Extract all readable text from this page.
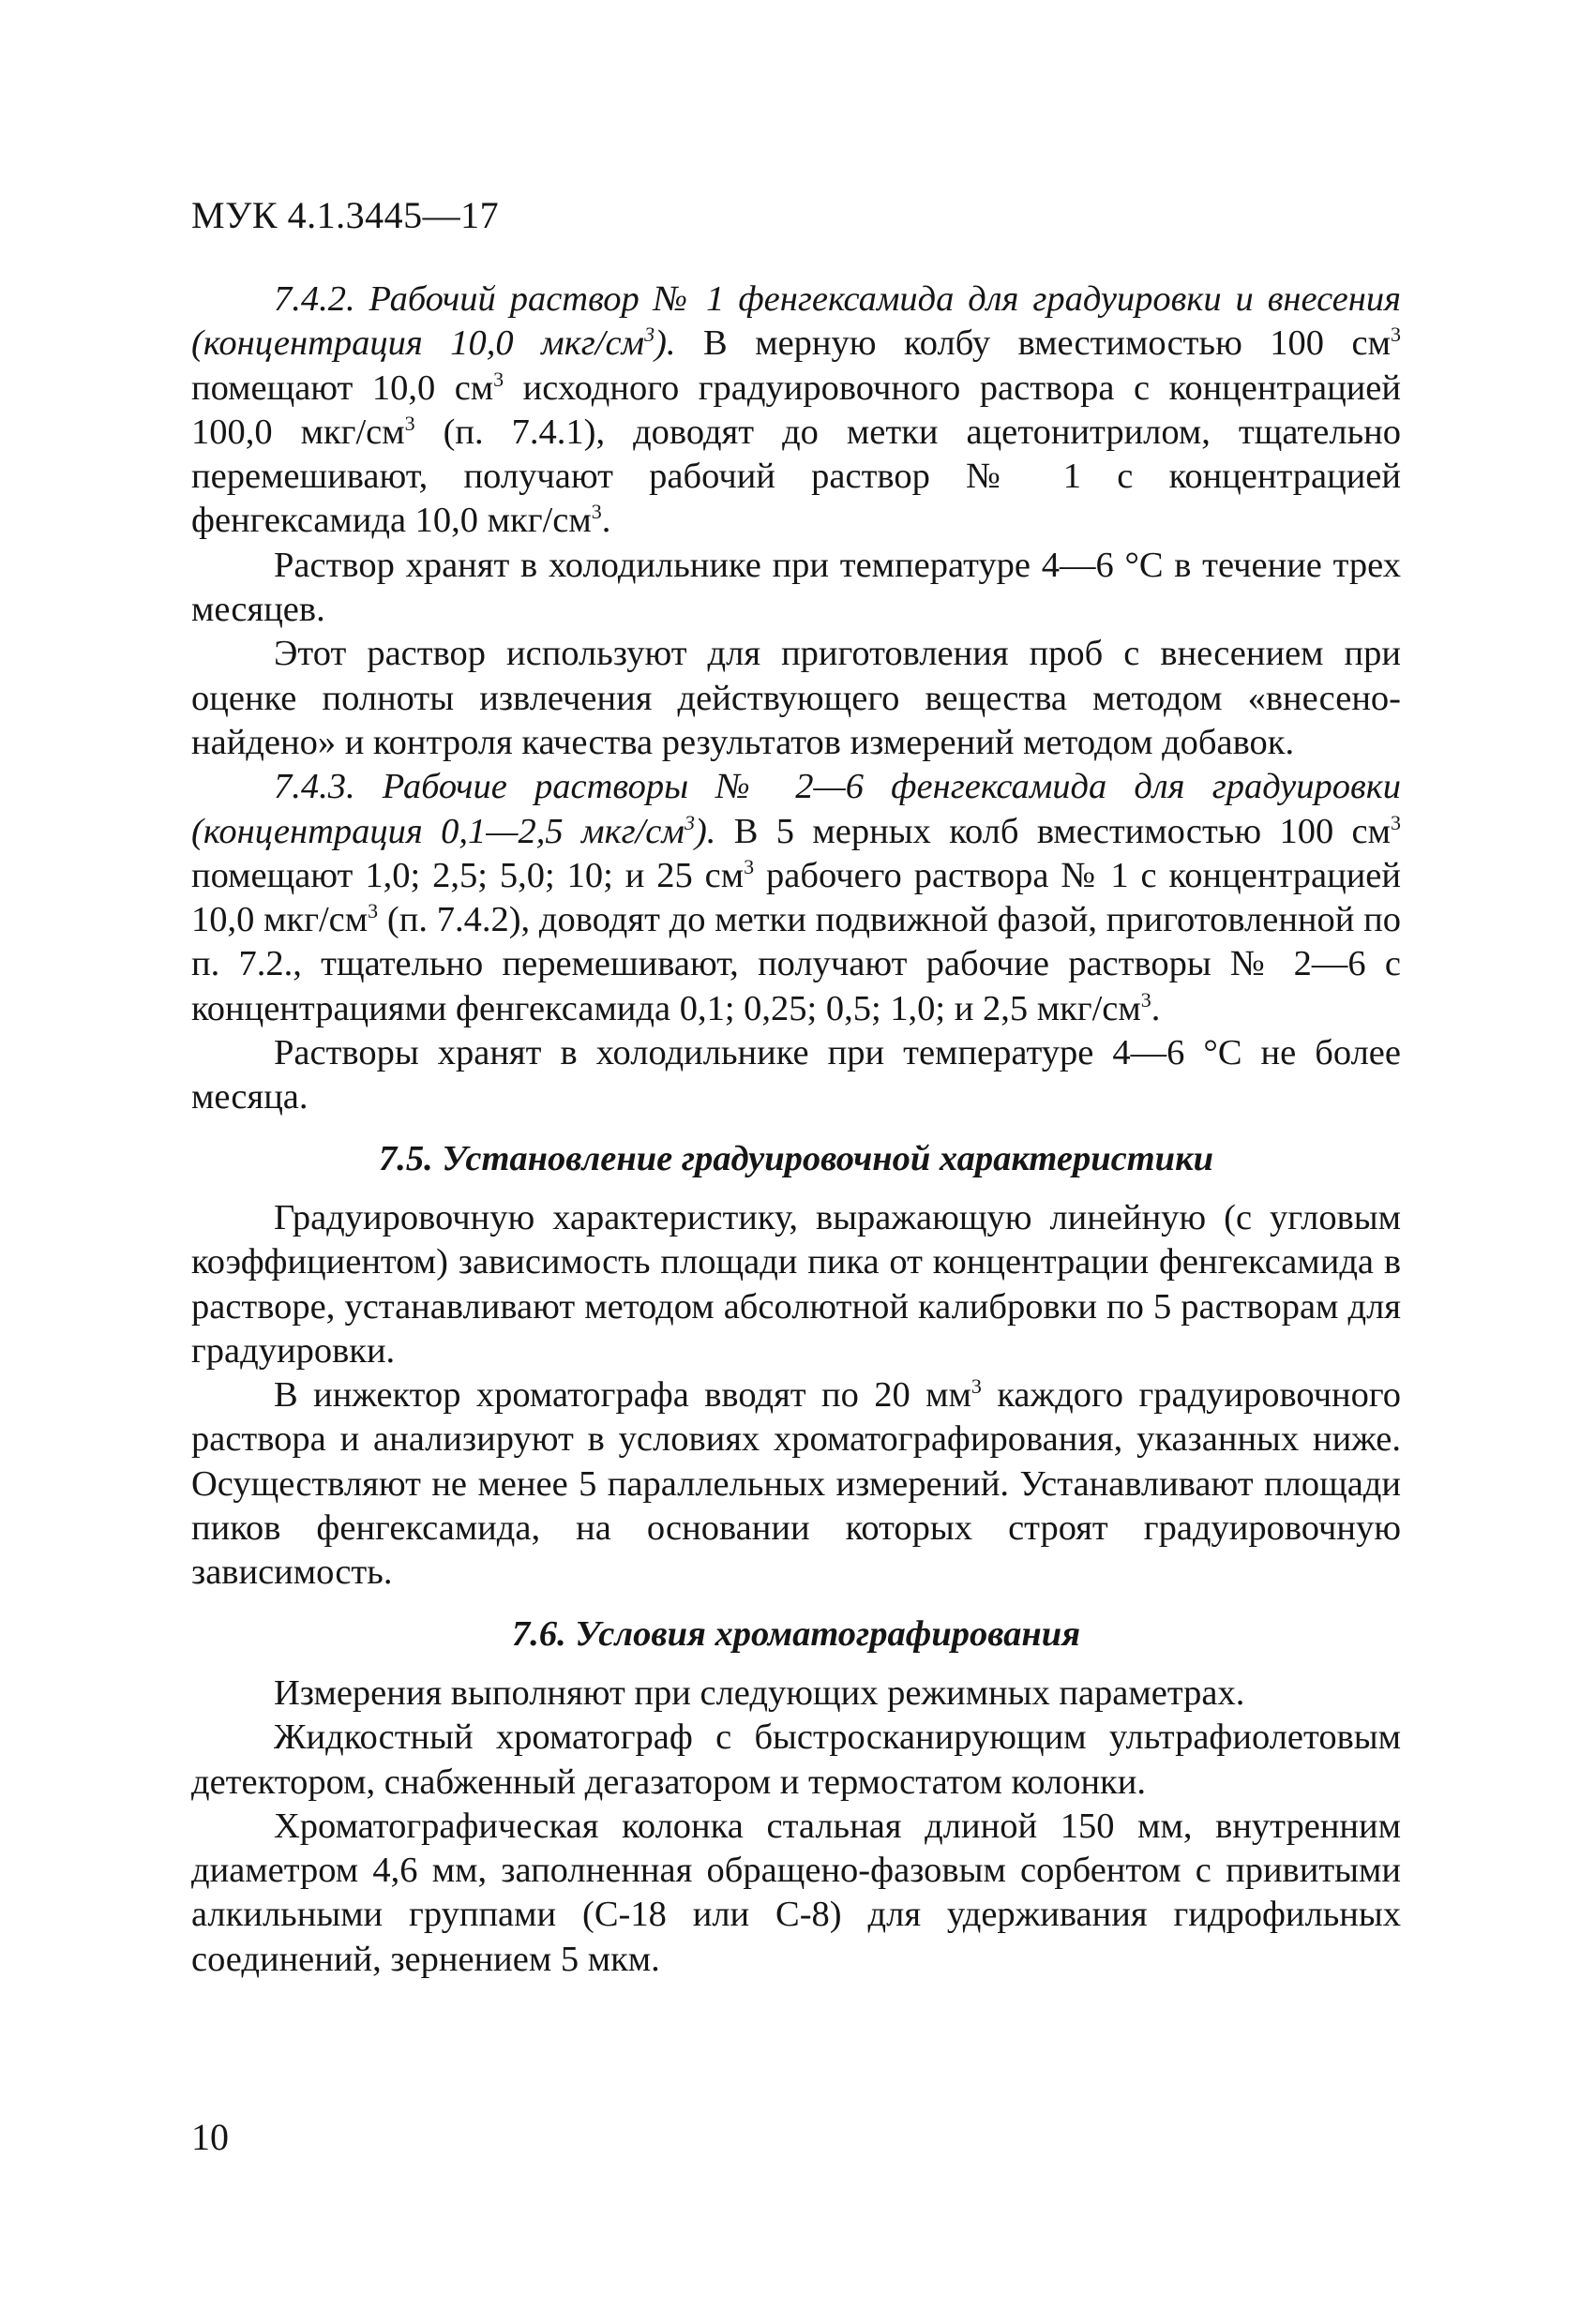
МУК 4.1.3445—17

7.4.2. Рабочий раствор № 1 фенгексамида для градуировки и внесения (концентрация 10,0 мкг/$см^3$). В мерную колбу вместимостью 100 $см^3$ помещают 10,0 $см^3$ исходного градуировочного раствора с концентрацией 100,0 мкг/$см^3$ (п. 7.4.1), доводят до метки ацетонитрилом, тщательно перемешивают, получают рабочий раствор № 1 с концентрацией фенгексамида 10,0 мкг/$см^3$.

Раствор хранят в холодильнике при температуре 4—6 °С в течение трех месяцев.

Этот раствор используют для приготовления проб с внесением при оценке полноты извлечения действующего вещества методом «внесено-найдено» и контроля качества результатов измерений методом добавок.

7.4.3. Рабочие растворы № 2—6 фенгексамида для градуировки (концентрация 0,1—2,5 мкг/$см^3$). В 5 мерных колб вместимостью 100 $см^3$ помещают 1,0; 2,5; 5,0; 10; и 25 $см^3$ рабочего раствора № 1 с концентрацией 10,0 мкг/$см^3$ (п. 7.4.2), доводят до метки подвижной фазой, приготовленной по п. 7.2., тщательно перемешивают, получают рабочие растворы № 2—6 с концентрациями фенгексамида 0,1; 0,25; 0,5; 1,0; и 2,5 мкг/$см^3$.

Растворы хранят в холодильнике при температуре 4—6 °С не более месяца.

7.5. Установление градуировочной характеристики

Градуировочную характеристику, выражающую линейную (с угловым коэффициентом) зависимость площади пика от концентрации фенгексамида в растворе, устанавливают методом абсолютной калибровки по 5 растворам для градуировки.

В инжектор хроматографа вводят по 20 $мм^3$ каждого градуировочного раствора и анализируют в условиях хроматографирования, указанных ниже. Осуществляют не менее 5 параллельных измерений. Устанавливают площади пиков фенгексамида, на основании которых строят градуировочную зависимость.

7.6. Условия хроматографирования

Измерения выполняют при следующих режимных параметрах.

Жидкостный хроматограф с быстросканирующим ультрафиолетовым детектором, снабженный дегазатором и термостатом колонки.

Хроматографическая колонка стальная длиной 150 мм, внутренним диаметром 4,6 мм, заполненная обращено-фазовым сорбентом с привитыми алкильными группами (С-18 или С-8) для удерживания гидрофильных соединений, зернением 5 мкм.

10
